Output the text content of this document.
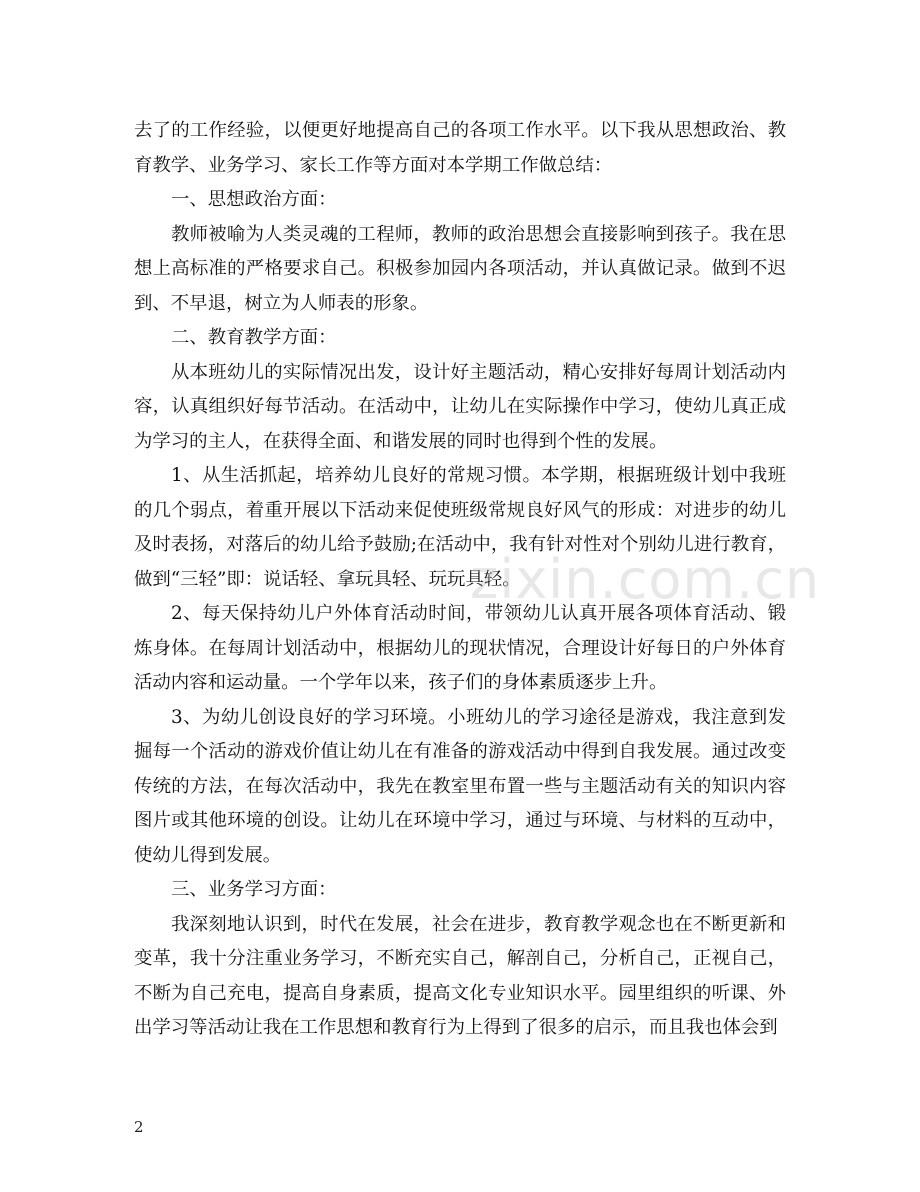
去了的工作经验，以便更好地提高自己的各项工作水平。以下我从思想政治、教育教学、业务学习、家长工作等方面对本学期工作做总结：

一、思想政治方面：

教师被喻为人类灵魂的工程师，教师的政治思想会直接影响到孩子。我在思想上高标准的严格要求自己。积极参加园内各项活动，并认真做记录。做到不迟到、不早退，树立为人师表的形象。

二、教育教学方面：

从本班幼儿的实际情况出发，设计好主题活动，精心安排好每周计划活动内容，认真组织好每节活动。在活动中，让幼儿在实际操作中学习，使幼儿真正成为学习的主人，在获得全面、和谐发展的同时也得到个性的发展。

1、从生活抓起，培养幼儿良好的常规习惯。本学期，根据班级计划中我班的几个弱点，着重开展以下活动来促使班级常规良好风气的形成：对进步的幼儿及时表扬，对落后的幼儿给予鼓励;在活动中，我有针对性对个别幼儿进行教育，做到“三轻”即：说话轻、拿玩具轻、玩玩具轻。

2、每天保持幼儿户外体育活动时间，带领幼儿认真开展各项体育活动、锻炼身体。在每周计划活动中，根据幼儿的现状情况，合理设计好每日的户外体育活动内容和运动量。一个学年以来，孩子们的身体素质逐步上升。

3、为幼儿创设良好的学习环境。小班幼儿的学习途径是游戏，我注意到发掘每一个活动的游戏价值让幼儿在有准备的游戏活动中得到自我发展。通过改变传统的方法，在每次活动中，我先在教室里布置一些与主题活动有关的知识内容图片或其他环境的创设。让幼儿在环境中学习，通过与环境、与材料的互动中，使幼儿得到发展。

三、业务学习方面：

我深刻地认识到，时代在发展，社会在进步，教育教学观念也在不断更新和变革，我十分注重业务学习，不断充实自己，解剖自己，分析自己，正视自己，不断为自己充电，提高自身素质，提高文化专业知识水平。园里组织的听课、外出学习等活动让我在工作思想和教育行为上得到了很多的启示，而且我也体会到

zixin.com.cn
2
